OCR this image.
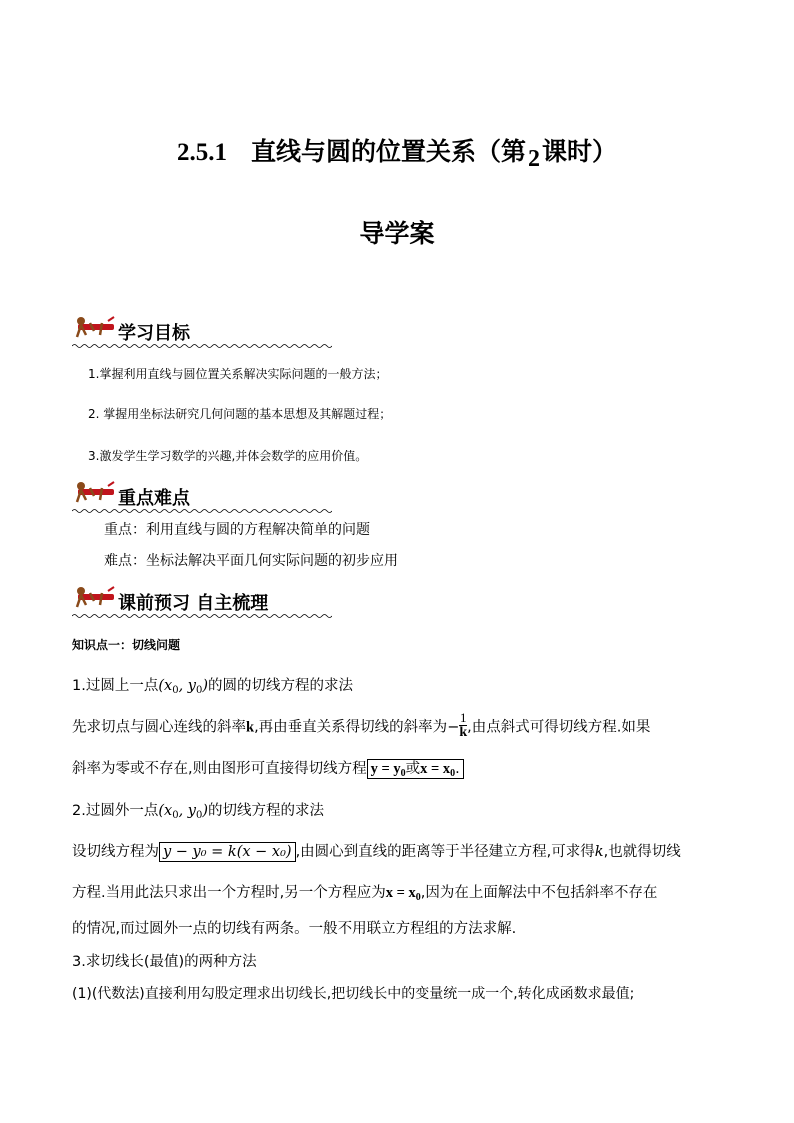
2.5.1 直线与圆的位置关系（第2课时）
导学案
学习目标
1.掌握利用直线与圆位置关系解决实际问题的一般方法；
2. 掌握用坐标法研究几何问题的基本思想及其解题过程；
3.激发学生学习数学的兴趣,并体会数学的应用价值。
重点难点
重点：利用直线与圆的方程解决简单的问题
难点：坐标法解决平面几何实际问题的初步应用
课前预习 自主梳理
知识点一：切线问题
1.过圆上一点($x_0$, $y_0$)的圆的切线方程的求法
先求切点与圆心连线的斜率k,再由垂直关系得切线的斜率为− $\frac{1}{k}$ ,由点斜式可得切线方程.如果
斜率为零或不存在,则由图形可直接得切线方程 $y = y_0$或$x = x_0$.
2.过圆外一点($x_0$, $y_0$)的切线方程的求法
设切线方程为 y − y₀ = k(x − x₀) ,由圆心到直线的距离等于半径建立方程,可求得k,也就得切线
方程.当用此法只求出一个方程时,另一个方程应为$x = x_0$,因为在上面解法中不包括斜率不存在
的情况,而过圆外一点的切线有两条。一般不用联立方程组的方法求解.
3.求切线长(最值)的两种方法
(1)(代数法)直接利用勾股定理求出切线长,把切线长中的变量统一成一个,转化成函数求最值;
